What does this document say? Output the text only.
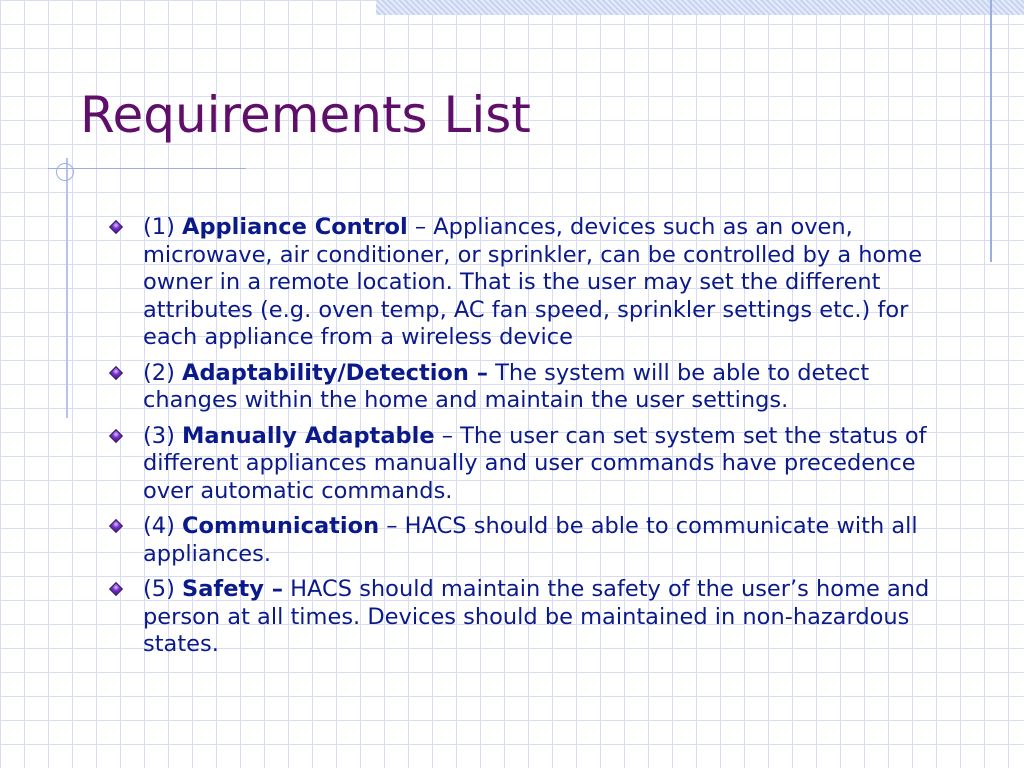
Requirements List
(1) Appliance Control – Appliances, devices such as an oven, microwave, air conditioner, or sprinkler, can be controlled by a home owner in a remote location. That is the user may set the different attributes (e.g. oven temp, AC fan speed, sprinkler settings etc.) for each appliance from a wireless device
(2) Adaptability/Detection – The system will be able to detect changes within the home and maintain the user settings.
(3) Manually Adaptable – The user can set system set the status of different appliances manually and user commands have precedence over automatic commands.
(4) Communication – HACS should be able to communicate with all appliances.
(5) Safety – HACS should maintain the safety of the user’s home and person at all times. Devices should be maintained in non-hazardous states.
